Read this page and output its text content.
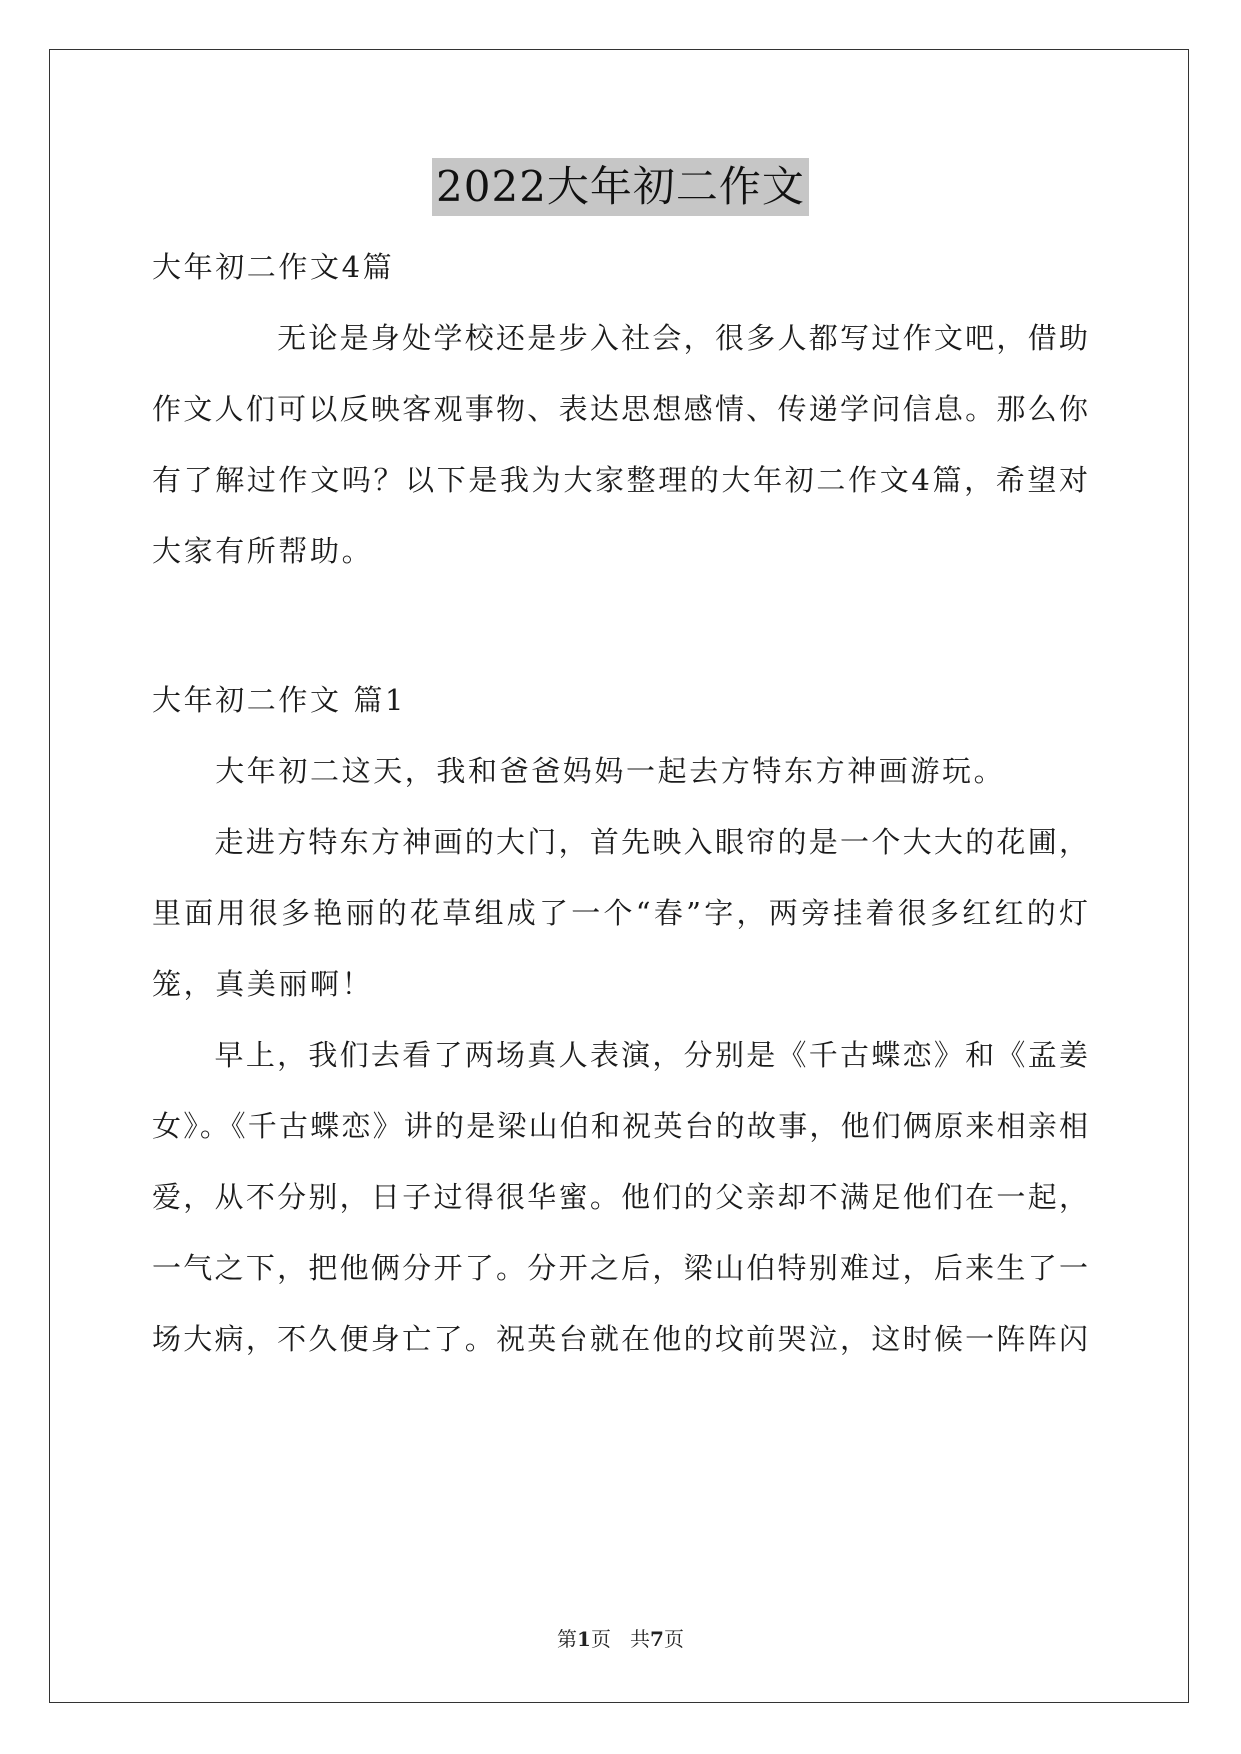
2022大年初二作文
大年初二作文4篇
　　　　无论是身处学校还是步入社会，很多人都写过作文吧，借助
作文人们可以反映客观事物、表达思想感情、传递学问信息。那么你
有了解过作文吗？以下是我为大家整理的大年初二作文4篇，希望对
大家有所帮助。
大年初二作文 篇1
　　大年初二这天，我和爸爸妈妈一起去方特东方神画游玩。
　　走进方特东方神画的大门，首先映入眼帘的是一个大大的花圃，
里面用很多艳丽的花草组成了一个“春”字，两旁挂着很多红红的灯
笼，真美丽啊！
　　早上，我们去看了两场真人表演，分别是《千古蝶恋》和《孟姜
女》。《千古蝶恋》讲的是梁山伯和祝英台的故事，他们俩原来相亲相
爱，从不分别，日子过得很华蜜。他们的父亲却不满足他们在一起，
一气之下，把他俩分开了。分开之后，梁山伯特别难过，后来生了一
场大病，不久便身亡了。祝英台就在他的坟前哭泣，这时候一阵阵闪
第1页   共7页
